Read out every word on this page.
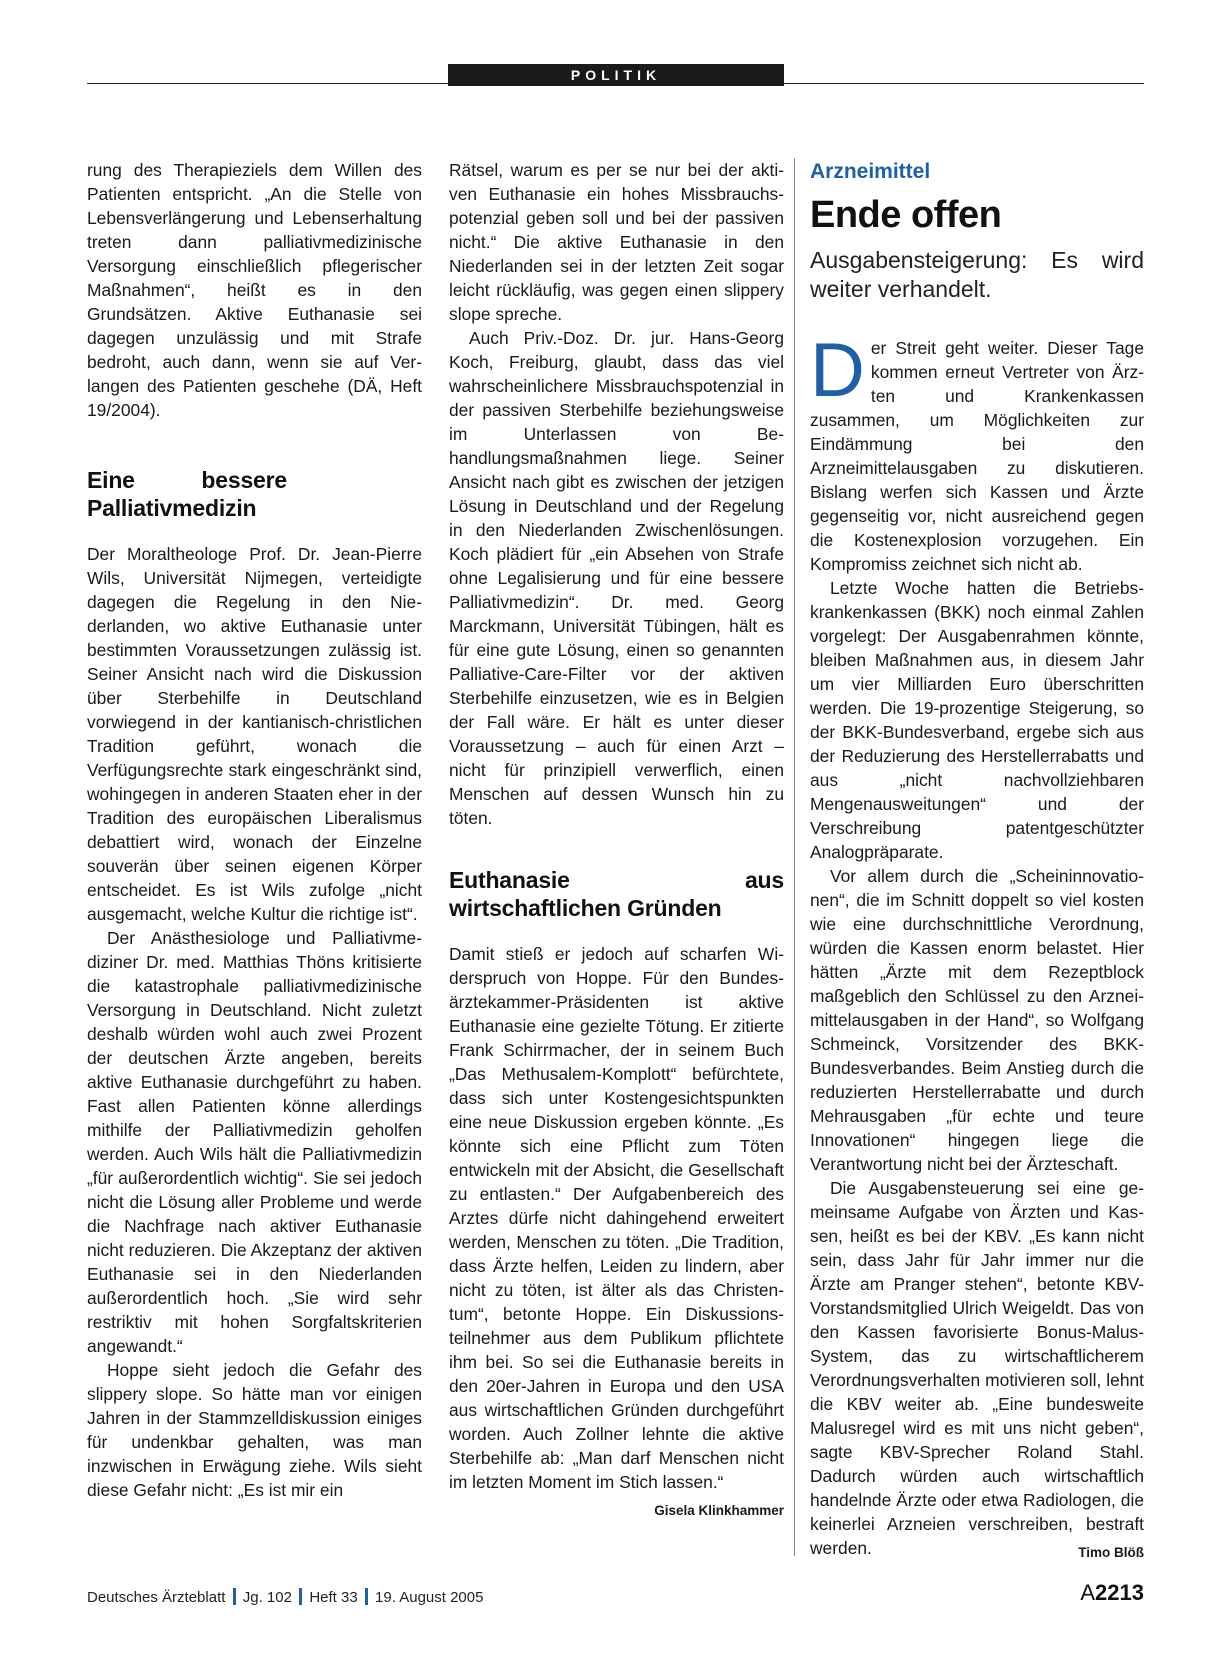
POLITIK

rung des Therapieziels dem Willen des Patienten entspricht. „An die Stelle von Lebensverlängerung und Lebenserhaltung treten dann palliativmedizinische Versorgung einschließlich pflegerischer Maßnahmen“, heißt es in den Grundsätzen. Aktive Euthanasie sei dagegen unzulässig und mit Strafe bedroht, auch dann, wenn sie auf Verlangen des Patienten geschehe (DÄ, Heft 19/2004).

Eine bessere Palliativmedizin

Der Moraltheologe Prof. Dr. Jean-Pierre Wils, Universität Nijmegen, verteidigte dagegen die Regelung in den Niederlanden, wo aktive Euthanasie unter bestimmten Voraussetzungen zulässig ist. Seiner Ansicht nach wird die Diskussion über Sterbehilfe in Deutschland vorwiegend in der kantianisch-christlichen Tradition geführt, wonach die Verfügungsrechte stark eingeschränkt sind, wohingegen in anderen Staaten eher in der Tradition des europäischen Liberalismus debattiert wird, wonach der Einzelne souverän über seinen eigenen Körper entscheidet. Es ist Wils zufolge „nicht ausgemacht, welche Kultur die richtige ist“.

Der Anästhesiologe und Palliativmediziner Dr. med. Matthias Thöns kritisierte die katastrophale palliativmedizinische Versorgung in Deutschland. Nicht zuletzt deshalb würden wohl auch zwei Prozent der deutschen Ärzte angeben, bereits aktive Euthanasie durchgeführt zu haben. Fast allen Patienten könne allerdings mithilfe der Palliativmedizin geholfen werden. Auch Wils hält die Palliativmedizin „für außerordentlich wichtig“. Sie sei jedoch nicht die Lösung aller Probleme und werde die Nachfrage nach aktiver Euthanasie nicht reduzieren. Die Akzeptanz der aktiven Euthanasie sei in den Niederlanden außerordentlich hoch. „Sie wird sehr restriktiv mit hohen Sorgfaltskriterien angewandt.“

Hoppe sieht jedoch die Gefahr des slippery slope. So hätte man vor einigen Jahren in der Stammzelldiskussion einiges für undenkbar gehalten, was man inzwischen in Erwägung ziehe. Wils sieht diese Gefahr nicht: „Es ist mir ein

Rätsel, warum es per se nur bei der aktiven Euthanasie ein hohes Missbrauchspotenzial geben soll und bei der passiven nicht.“ Die aktive Euthanasie in den Niederlanden sei in der letzten Zeit sogar leicht rückläufig, was gegen einen slippery slope spreche.

Auch Priv.-Doz. Dr. jur. Hans-Georg Koch, Freiburg, glaubt, dass das viel wahrscheinlichere Missbrauchspotenzial in der passiven Sterbehilfe beziehungsweise im Unterlassen von Behandlungsmaßnahmen liege. Seiner Ansicht nach gibt es zwischen der jetzigen Lösung in Deutschland und der Regelung in den Niederlanden Zwischenlösungen. Koch plädiert für „ein Absehen von Strafe ohne Legalisierung und für eine bessere Palliativmedizin“. Dr. med. Georg Marckmann, Universität Tübingen, hält es für eine gute Lösung, einen so genannten Palliative-Care-Filter vor der aktiven Sterbehilfe einzusetzen, wie es in Belgien der Fall wäre. Er hält es unter dieser Voraussetzung – auch für einen Arzt – nicht für prinzipiell verwerflich, einen Menschen auf dessen Wunsch hin zu töten.

Euthanasie aus wirtschaftlichen Gründen

Damit stieß er jedoch auf scharfen Widerspruch von Hoppe. Für den Bundesärztekammer-Präsidenten ist aktive Euthanasie eine gezielte Tötung. Er zitierte Frank Schirrmacher, der in seinem Buch „Das Methusalem-Komplott“ befürchtete, dass sich unter Kostengesichtspunkten eine neue Diskussion ergeben könnte. „Es könnte sich eine Pflicht zum Töten entwickeln mit der Absicht, die Gesellschaft zu entlasten.“ Der Aufgabenbereich des Arztes dürfe nicht dahingehend erweitert werden, Menschen zu töten. „Die Tradition, dass Ärzte helfen, Leiden zu lindern, aber nicht zu töten, ist älter als das Christentum“, betonte Hoppe. Ein Diskussionsteilnehmer aus dem Publikum pflichtete ihm bei. So sei die Euthanasie bereits in den 20er-Jahren in Europa und den USA aus wirtschaftlichen Gründen durchgeführt worden. Auch Zollner lehnte die aktive Sterbehilfe ab: „Man darf Menschen nicht im letzten Moment im Stich lassen.“
Gisela Klinkhammer

Arzneimittel
Ende offen
Ausgabensteigerung: Es wird weiter verhandelt.

Der Streit geht weiter. Dieser Tage kommen erneut Vertreter von Ärzten und Krankenkassen zusammen, um Möglichkeiten zur Eindämmung bei den Arzneimittelausgaben zu diskutieren. Bislang werfen sich Kassen und Ärzte gegenseitig vor, nicht ausreichend gegen die Kostenexplosion vorzugehen. Ein Kompromiss zeichnet sich nicht ab.

Letzte Woche hatten die Betriebskrankenkassen (BKK) noch einmal Zahlen vorgelegt: Der Ausgabenrahmen könnte, bleiben Maßnahmen aus, in diesem Jahr um vier Milliarden Euro überschritten werden. Die 19-prozentige Steigerung, so der BKK-Bundesverband, ergebe sich aus der Reduzierung des Herstellerrabatts und aus „nicht nachvollziehbaren Mengenausweitungen“ und der Verschreibung patentgeschützter Analogpräparate.

Vor allem durch die „Scheininnovationen“, die im Schnitt doppelt so viel kosten wie eine durchschnittliche Verordnung, würden die Kassen enorm belastet. Hier hätten „Ärzte mit dem Rezeptblock maßgeblich den Schlüssel zu den Arzneimittelausgaben in der Hand“, so Wolfgang Schmeinck, Vorsitzender des BKK-Bundesverbandes. Beim Anstieg durch die reduzierten Herstellerrabatte und durch Mehrausgaben „für echte und teure Innovationen“ hingegen liege die Verantwortung nicht bei der Ärzteschaft.

Die Ausgabensteuerung sei eine gemeinsame Aufgabe von Ärzten und Kassen, heißt es bei der KBV. „Es kann nicht sein, dass Jahr für Jahr immer nur die Ärzte am Pranger stehen“, betonte KBV-Vorstandsmitglied Ulrich Weigeldt. Das von den Kassen favorisierte Bonus-Malus-System, das zu wirtschaftlicherem Verordnungsverhalten motivieren soll, lehnt die KBV weiter ab. „Eine bundesweite Malusregel wird es mit uns nicht geben“, sagte KBV-Sprecher Roland Stahl. Dadurch würden auch wirtschaftlich handelnde Ärzte oder etwa Radiologen, die keinerlei Arzneien verschreiben, bestraft werden.	Timo Blöß

Deutsches Ärzteblatt Jg. 102 Heft 33 19. August 2005	A2213
